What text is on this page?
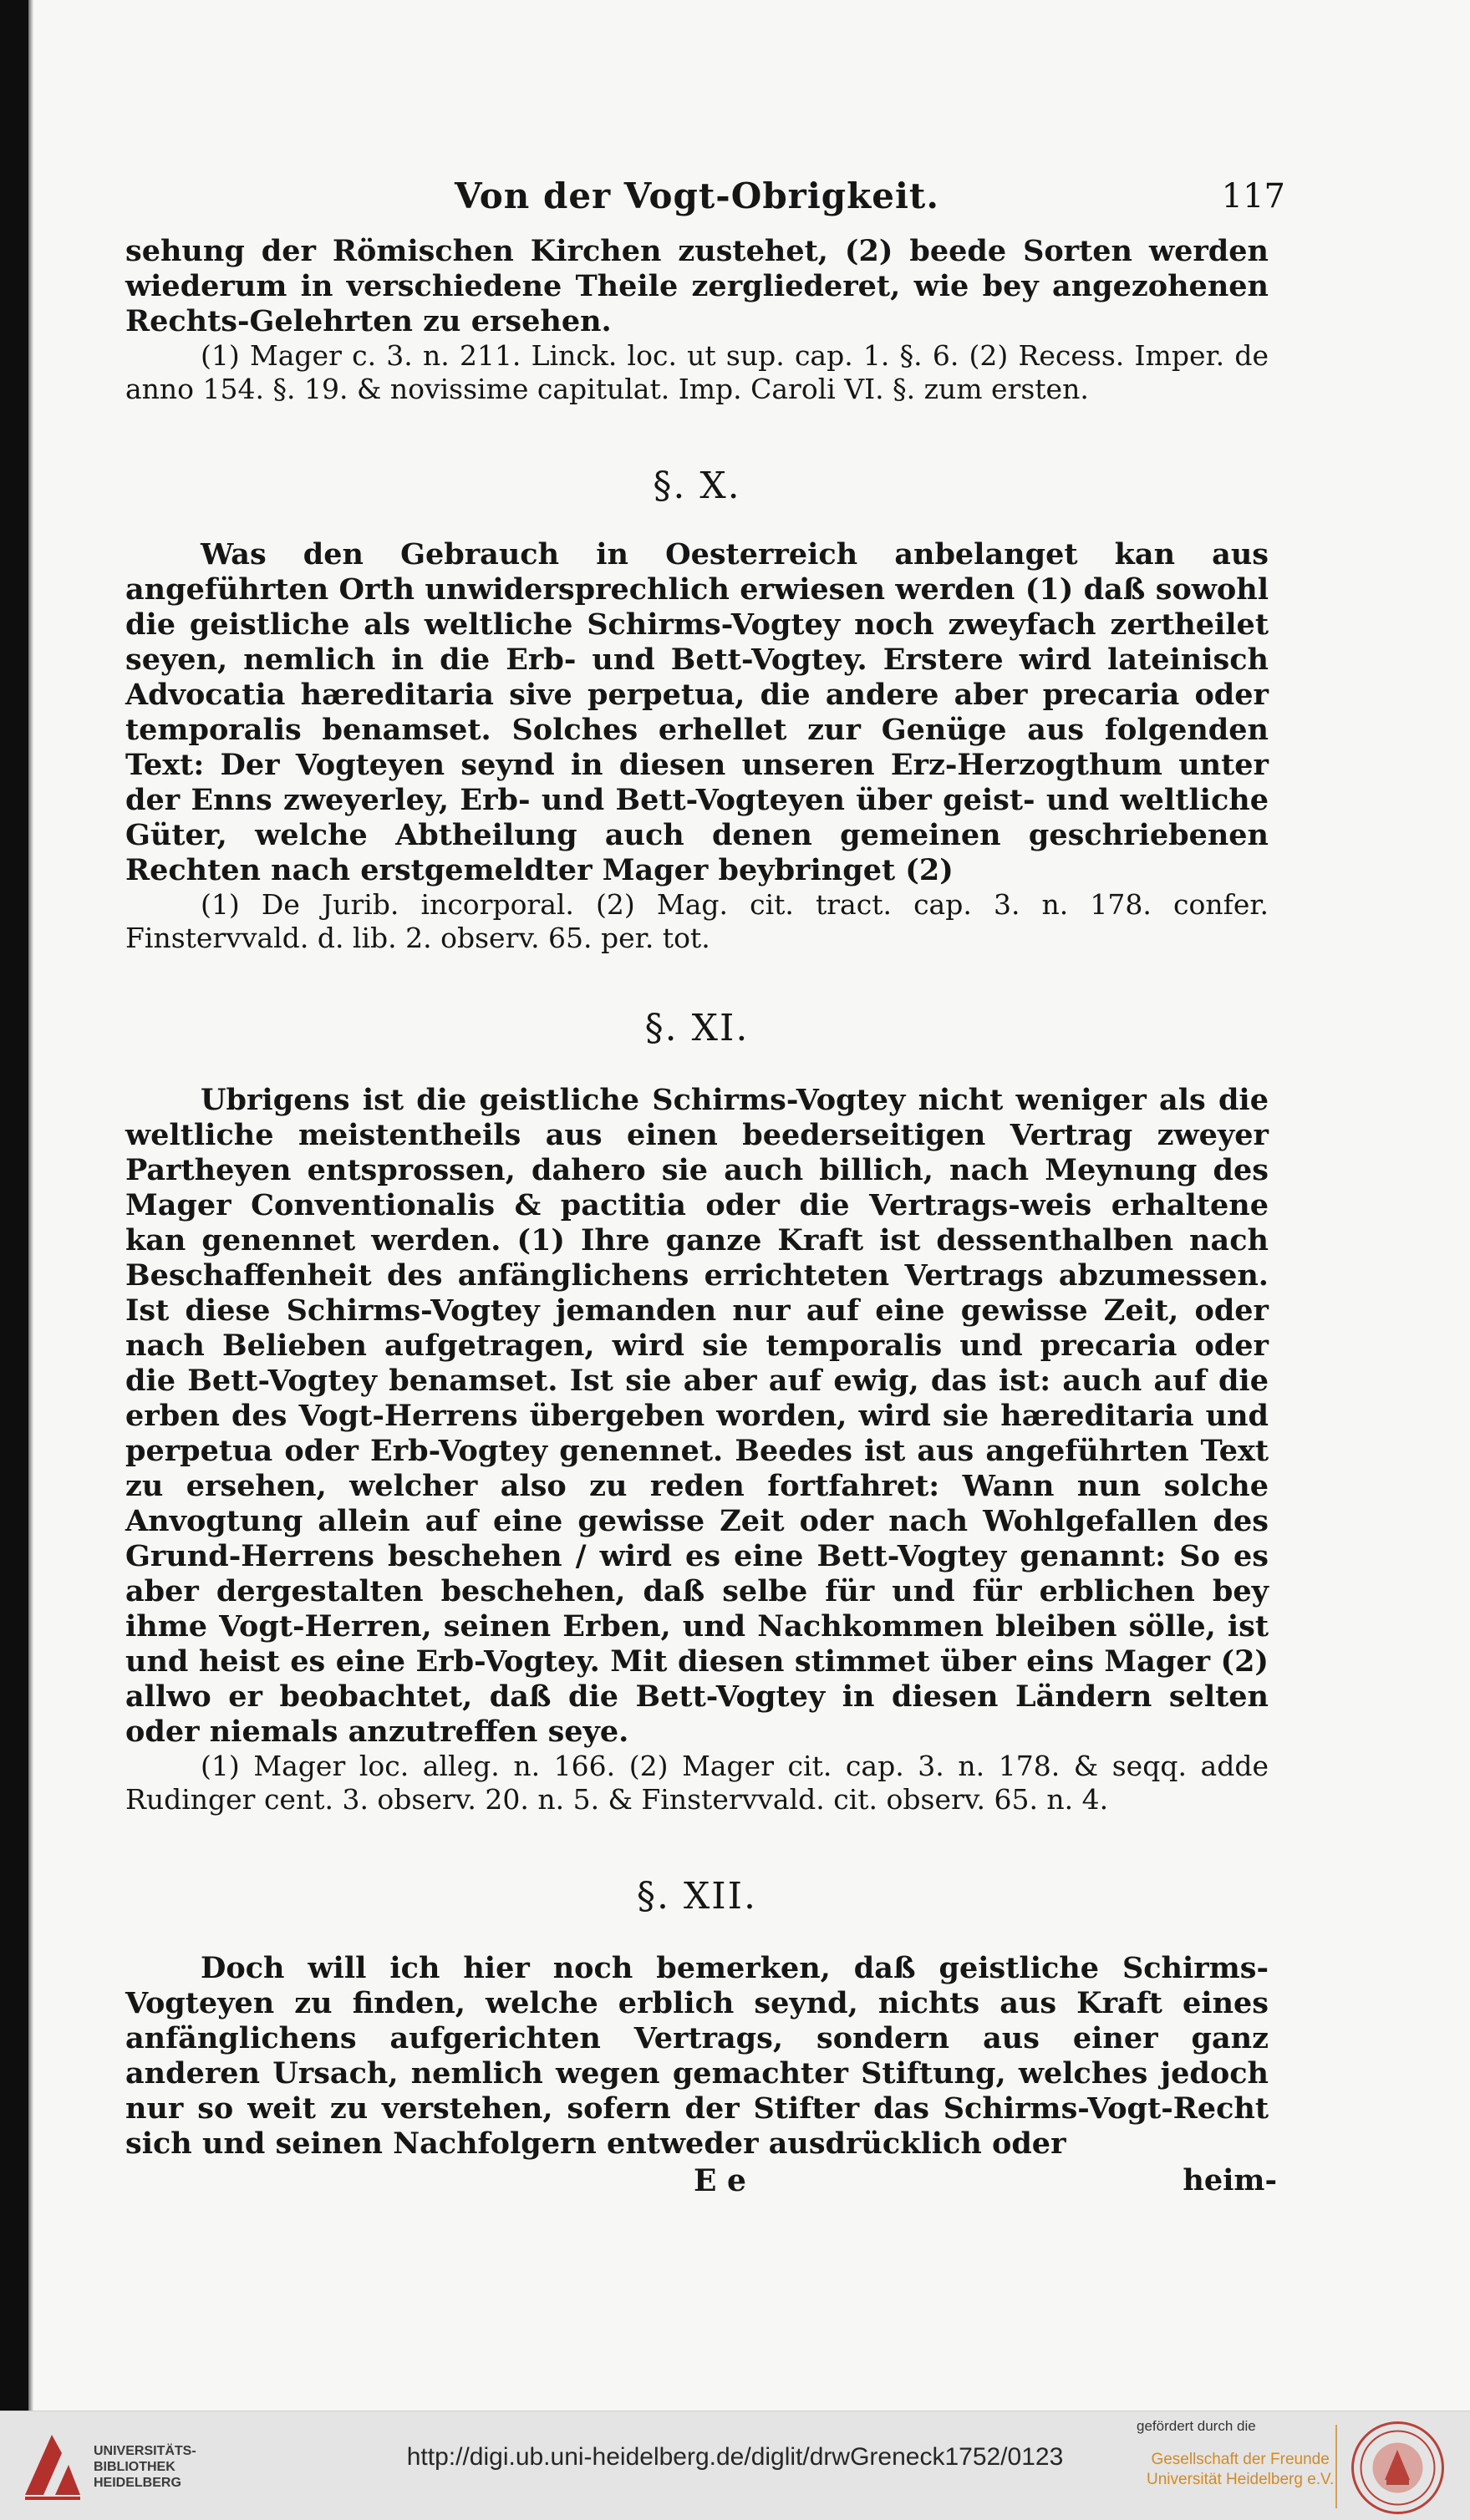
Von der Vogt-Obrigkeit.	117

sehung der Römischen Kirchen zustehet, (2) beede Sorten werden wiederum in verschiedene Theile zergliederet, wie bey angezohenen Rechts-Gelehrten zu ersehen.

(1) Mager c. 3. n. 211. Linck. loc. ut sup. cap. 1. §. 6. (2) Recess. Imper. de anno 154. §. 19. & novissime capitulat. Imp. Caroli VI. §. zum ersten.

§. X.

Was den Gebrauch in Oesterreich anbelanget kan aus angeführten Orth unwidersprechlich erwiesen werden (1) daß sowohl die geistliche als weltliche Schirms-Vogtey noch zweyfach zertheilet seyen, nemlich in die Erb- und Bett-Vogtey. Erstere wird lateinisch Advocatia hæreditaria sive perpetua, die andere aber precaria oder temporalis benamset. Solches erhellet zur Genüge aus folgenden Text: Der Vogteyen seynd in diesen unseren Erz-Herzogthum unter der Enns zweyerley, Erb- und Bett-Vogteyen über geist- und weltliche Güter, welche Abtheilung auch denen gemeinen geschriebenen Rechten nach erstgemeldter Mager beybringet (2)

(1) De Jurib. incorporal. (2) Mag. cit. tract. cap. 3. n. 178. confer. Finstervvald. d. lib. 2. observ. 65. per. tot.

§. XI.

Ubrigens ist die geistliche Schirms-Vogtey nicht weniger als die weltliche meistentheils aus einen beederseitigen Vertrag zweyer Partheyen entsprossen, dahero sie auch billich, nach Meynung des Mager Conventionalis & pactitia oder die Vertrags-weis erhaltene kan genennet werden. (1) Ihre ganze Kraft ist dessenthalben nach Beschaffenheit des anfänglichens errichteten Vertrags abzumessen. Ist diese Schirms-Vogtey jemanden nur auf eine gewisse Zeit, oder nach Belieben aufgetragen, wird sie temporalis und precaria oder die Bett-Vogtey benamset. Ist sie aber auf ewig, das ist: auch auf die erben des Vogt-Herrens übergeben worden, wird sie hæreditaria und perpetua oder Erb-Vogtey genennet. Beedes ist aus angeführten Text zu ersehen, welcher also zu reden fortfahret: Wann nun solche Anvogtung allein auf eine gewisse Zeit oder nach Wohlgefallen des Grund-Herrens beschehen / wird es eine Bett-Vogtey genannt: So es aber dergestalten beschehen, daß selbe für und für erblichen bey ihme Vogt-Herren, seinen Erben, und Nachkommen bleiben sölle, ist und heist es eine Erb-Vogtey. Mit diesen stimmet über eins Mager (2) allwo er beobachtet, daß die Bett-Vogtey in diesen Ländern selten oder niemals anzutreffen seye.

(1) Mager loc. alleg. n. 166. (2) Mager cit. cap. 3. n. 178. & seqq. adde Rudinger cent. 3. observ. 20. n. 5. & Finstervvald. cit. observ. 65. n. 4.

§. XII.

Doch will ich hier noch bemerken, daß geistliche Schirms-Vogteyen zu finden, welche erblich seynd, nichts aus Kraft eines anfänglichens aufgerichten Vertrags, sondern aus einer ganz anderen Ursach, nemlich wegen gemachter Stiftung, welches jedoch nur so weit zu verstehen, sofern der Stifter das Schirms-Vogt-Recht sich und seinen Nachfolgern entweder ausdrücklich oder

E e	heim-
UNIVERSITÄTS-
BIBLIOTHEK
HEIDELBERG
http://digi.ub.uni-heidelberg.de/diglit/drwGreneck1752/0123
gefördert durch die
Gesellschaft der Freunde
Universität Heidelberg e.V.
